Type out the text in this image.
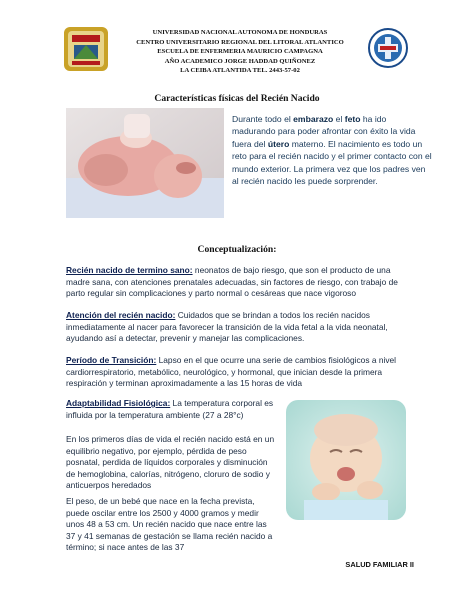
UNIVERSIDAD NACIONAL AUTONOMA DE HONDURAS
CENTRO UNIVERSITARIO REGIONAL DEL LITORAL ATLANTICO
ESCUELA DE ENFERMERIA MAURICIO CAMPAGNA
AÑO ACADEMICO JORGE HADDAD QUIÑONEZ
LA CEIBA ATLANTIDA TEL. 2443-57-02
Características físicas del Recién Nacido
Durante todo el embarazo el feto ha ido madurando para poder afrontar con éxito la vida fuera del útero materno. El nacimiento es todo un reto para el recién nacido y el primer contacto con el mundo exterior. La primera vez que los padres ven al recién nacido les puede sorprender.
Conceptualización:
Recién nacido de termino sano: neonatos de bajo riesgo, que son el producto de una madre sana, con atenciones prenatales adecuadas, sin factores de riesgo, con trabajo de parto regular sin complicaciones y parto normal o cesáreas que nace vigoroso
Atención del recién nacido: Cuidados que se brindan a todos los recién nacidos inmediatamente al nacer para favorecer la transición de la vida fetal a la vida neonatal, ayudando así a detectar, prevenir y manejar las complicaciones.
Período de Transición: Lapso en el que ocurre una serie de cambios fisiológicos a nivel cardiorrespiratorio, metabólico, neurológico, y hormonal, que inician desde la primera respiración y terminan aproximadamente a las 15 horas de vida
Adaptabilidad Fisiológica: La temperatura corporal es influida por la temperatura ambiente (27 a 28°c)
En los primeros días de vida el recién nacido está en un equilibrio negativo, por ejemplo, pérdida de peso posnatal, perdida de líquidos corporales y disminución de hemoglobina, calorías, nitrógeno, cloruro de sodio y anticuerpos heredados
El peso, de un bebé que nace en la fecha prevista, puede oscilar entre los 2500 y 4000 gramos y medir unos 48 a 53 cm. Un recién nacido que nace entre las 37 y 41 semanas de gestación se llama recién nacido a término; si nace antes de las 37
SALUD FAMILIAR II
